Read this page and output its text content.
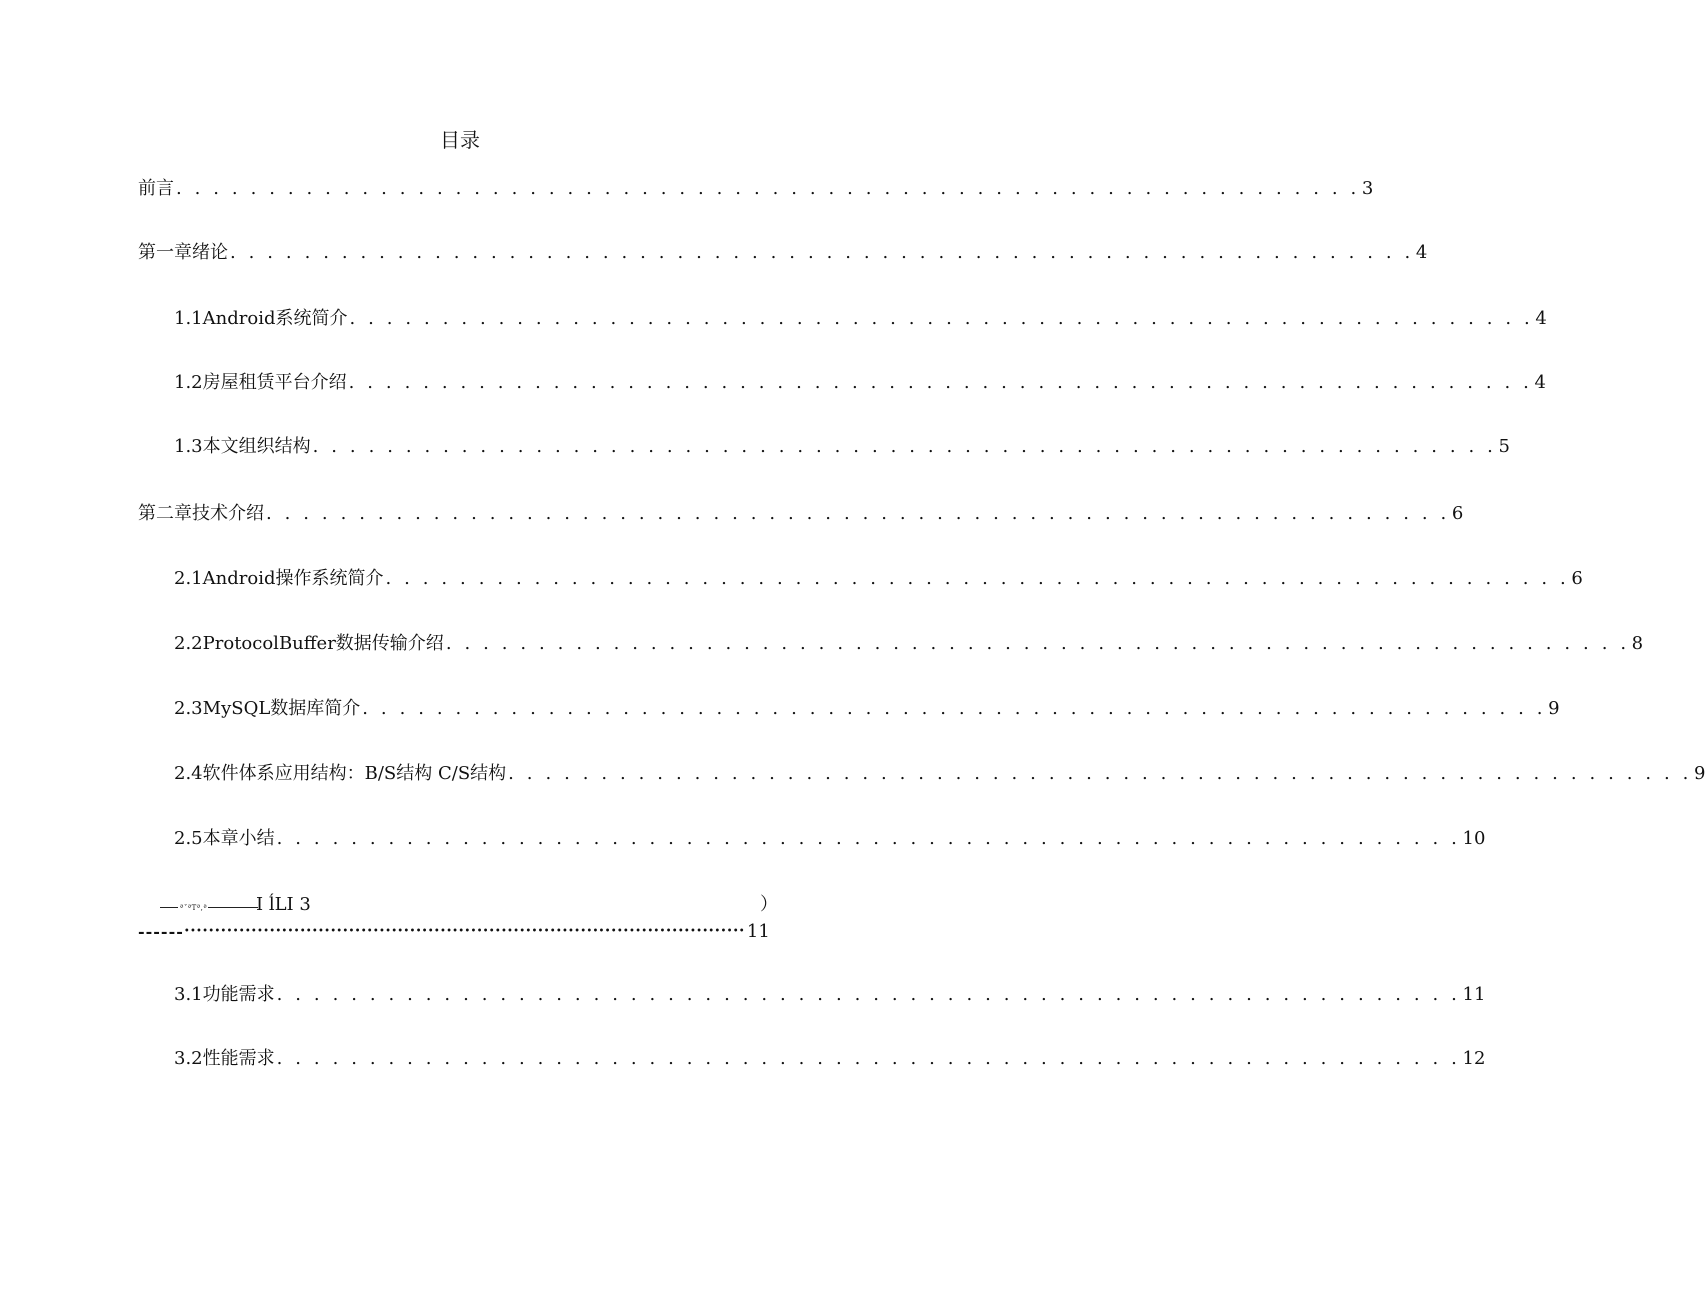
目录
前言 . . . . . . . . . . . . . . . . . . . . . . . . . . . . . . . . . . . . . . . . . . . . . . . . . . . . . . . . . . . . . . . . 3
第一章绪论 . . . . . . . . . . . . . . . . . . . . . . . . . . . . . . . . . . . . . . . . . . . . . . . . . . . . . . . . . . . . . . . . 4
1.1 Android系统简介 . . . . . . . . . . . . . . . . . . . . . . . . . . . . . . . . . . . . . . . . . . . . . . . . . . . . . . . . . . . . . . . . 4
1.2 房屋租赁平台介绍 . . . . . . . . . . . . . . . . . . . . . . . . . . . . . . . . . . . . . . . . . . . . . . . . . . . . . . . . . . . . . . . . 4
1.3 本文组织结构 . . . . . . . . . . . . . . . . . . . . . . . . . . . . . . . . . . . . . . . . . . . . . . . . . . . . . . . . . . . . . . . . 5
第二章技术介绍 . . . . . . . . . . . . . . . . . . . . . . . . . . . . . . . . . . . . . . . . . . . . . . . . . . . . . . . . . . . . . . . . 6
2.1 Android操作系统简介 . . . . . . . . . . . . . . . . . . . . . . . . . . . . . . . . . . . . . . . . . . . . . . . . . . . . . . . . . . . . . . . . 6
2.2 ProtocolBuffer数据传输介绍 . . . . . . . . . . . . . . . . . . . . . . . . . . . . . . . . . . . . . . . . . . . . . . . . . . . . . . . . . . . . . . . . 8
2.3 MySQL数据库简介 . . . . . . . . . . . . . . . . . . . . . . . . . . . . . . . . . . . . . . . . . . . . . . . . . . . . . . . . . . . . . . . . 9
2.4 软件体系应用结构：B/S结构 C/S结构 . . . . . . . . . . . . . . . . . . . . . . . . . . . . . . . . . . . . . . . . . . . . . . . . . . . . . . . . . . . . . . . . 9
2.5 本章小结 . . . . . . . . . . . . . . . . . . . . . . . . . . . . . . . . . . . . . . . . . . . . . . . . . . . . . . . . . . . . . . . . 10
ªˇªTª,ª	I ĺLI 3	）
------ •••••••••••••••••••••••••••••••••••••••••••••••••••••••••••••••••••••••••••••••••••••••••••• 11
3.1 功能需求 . . . . . . . . . . . . . . . . . . . . . . . . . . . . . . . . . . . . . . . . . . . . . . . . . . . . . . . . . . . . . . . . 11
3.2 性能需求 . . . . . . . . . . . . . . . . . . . . . . . . . . . . . . . . . . . . . . . . . . . . . . . . . . . . . . . . . . . . . . . . 12
